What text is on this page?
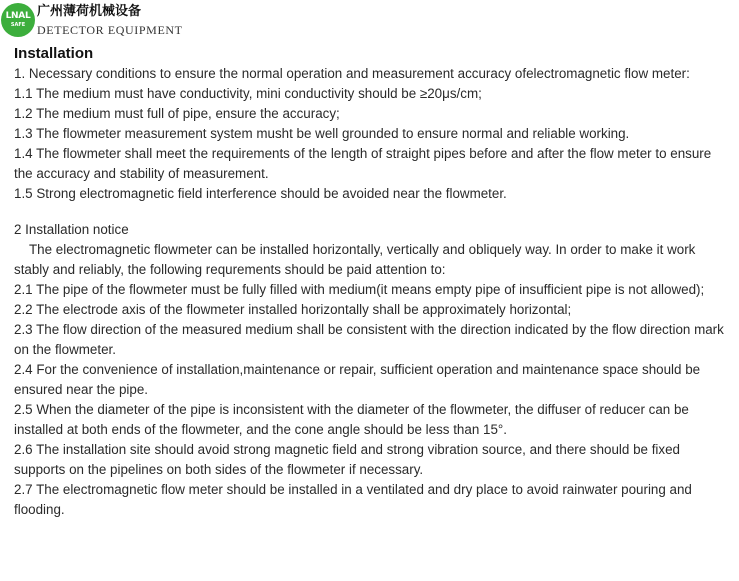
LNAL
SAFE
广州薄荷机械设备
DETECTOR EQUIPMENT
Installation

1. Necessary conditions to ensure the normal operation and measurement accuracy ofelectromagnetic flow meter:

1.1 The medium must have conductivity, mini conductivity should be ≥20μs/cm;

1.2 The medium must full of pipe, ensure the accuracy;

1.3 The flowmeter measurement system musht be well grounded to ensure normal and reliable working.

1.4 The flowmeter shall meet the requirements of the length of straight pipes before and after the flow meter to ensure the accuracy and stability of measurement.

1.5 Strong electromagnetic field interference should be avoided near the flowmeter.

2 Installation notice

The electromagnetic flowmeter can be installed horizontally, vertically and obliquely way. In order to make it work stably and reliably, the following requrements should be paid attention to:

2.1 The pipe of the flowmeter must be fully filled with medium(it means empty pipe of insufficient pipe is not allowed);

2.2 The electrode axis of the flowmeter installed horizontally shall be approximately horizontal;

2.3 The flow direction of the measured medium shall be consistent with the direction indicated by the flow direction mark on the flowmeter.

2.4 For the convenience of installation,maintenance or repair, sufficient operation and maintenance space should be ensured near the pipe.

2.5 When the diameter of the pipe is inconsistent with the diameter of the flowmeter, the diffuser of reducer can be installed at both ends of the flowmeter, and the cone angle should be less than 15°.

2.6 The installation site should avoid strong magnetic field and strong vibration source, and there should be fixed supports on the pipelines on both sides of the flowmeter if necessary.

2.7 The electromagnetic flow meter should be installed in a ventilated and dry place to avoid rainwater pouring and flooding.
